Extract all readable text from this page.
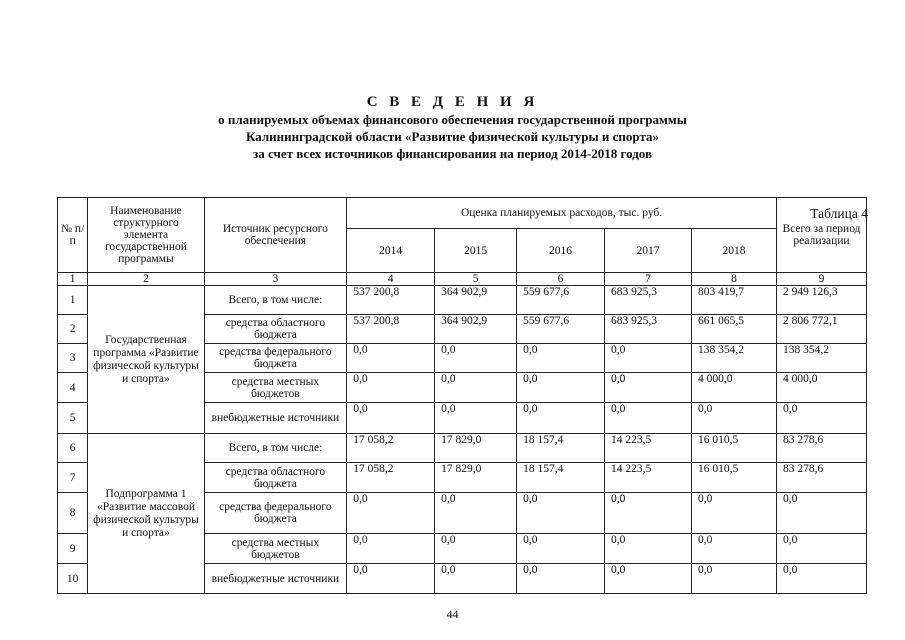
С В Е Д Е Н И Я
о планируемых объемах финансового обеспечения государственной программы
Калининградской области «Развитие физической культуры и спорта»
за счет всех источников финансирования на период 2014-2018 годов
Таблица 4
№ п/п	Наименование структурного элемента государственной программы	Источник ресурсного обеспечения	Оценка планируемых расходов, тыс. руб.					Всего за период реализации
			2014	2015	2016	2017	2018	
1	2	3	4	5	6	7	8	9
1	Государственная программа «Развитие физической культуры и спорта»	Всего, в том числе:	537 200,8	364 902,9	559 677,6	683 925,3	803 419,7	2 949 126,3
2		средства областного бюджета	537 200,8	364 902,9	559 677,6	683 925,3	661 065,5	2 806 772,1
3		средства федерального бюджета	0,0	0,0	0,0	0,0	138 354,2	138 354,2
4		средства местных бюджетов	0,0	0,0	0,0	0,0	4 000,0	4 000,0
5		внебюджетные источники	0,0	0,0	0,0	0,0	0,0	0,0
6	Подпрограмма 1 «Развитие массовой физической культуры и спорта»	Всего, в том числе:	17 058,2	17 829,0	18 157,4	14 223,5	16 010,5	83 278,6
7		средства областного бюджета	17 058,2	17 829,0	18 157,4	14 223,5	16 010,5	83 278,6
8		средства федерального бюджета	0,0	0,0	0,0	0,0	0,0	0,0
9		средства местных бюджетов	0,0	0,0	0,0	0,0	0,0	0,0
10		внебюджетные источники	0,0	0,0	0,0	0,0	0,0	0,0
44
